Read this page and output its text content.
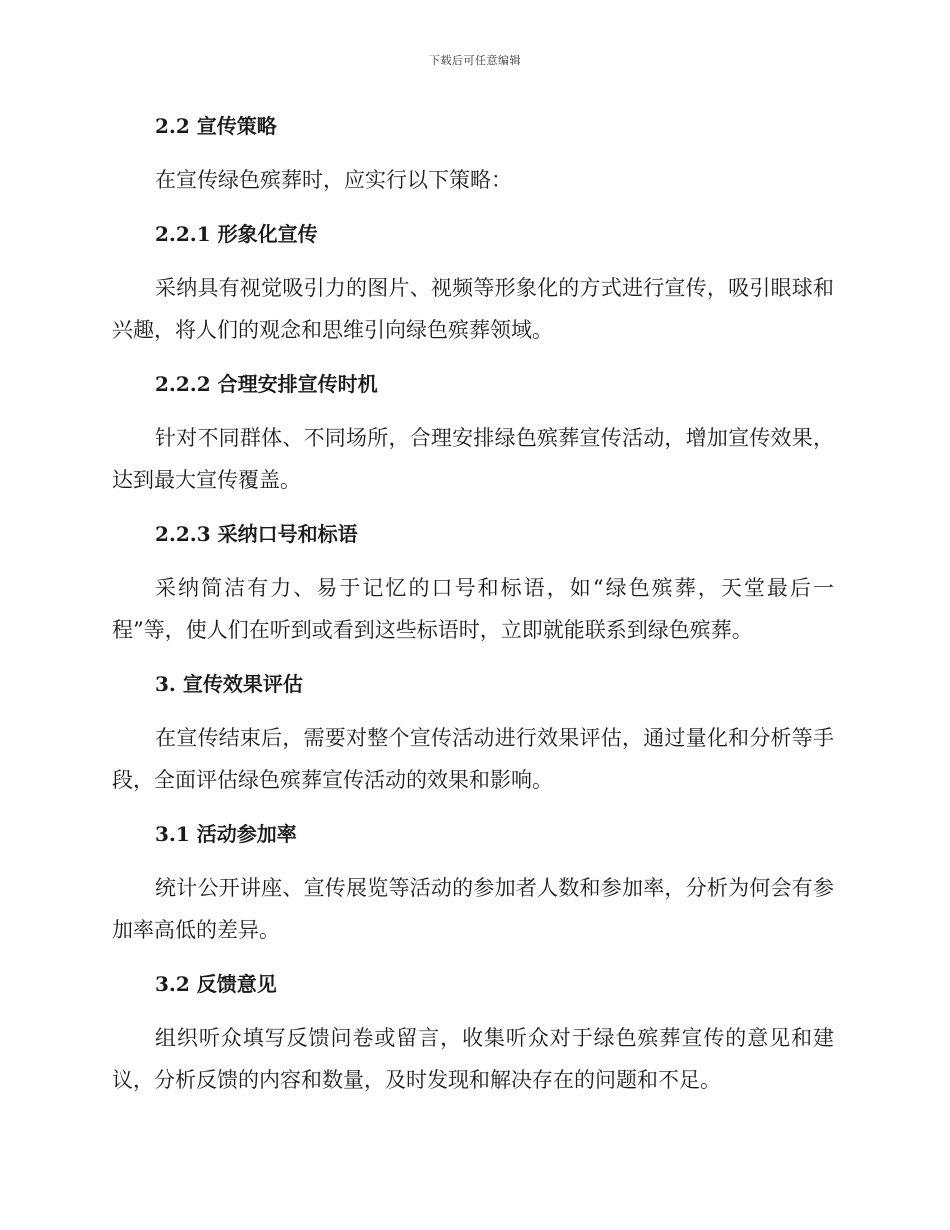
下载后可任意编辑
2.2 宣传策略

在宣传绿色殡葬时，应实行以下策略：

2.2.1 形象化宣传

采纳具有视觉吸引力的图片、视频等形象化的方式进行宣传，吸引眼球和兴趣，将人们的观念和思维引向绿色殡葬领域。

2.2.2 合理安排宣传时机

针对不同群体、不同场所，合理安排绿色殡葬宣传活动，增加宣传效果，达到最大宣传覆盖。

2.2.3 采纳口号和标语

采纳简洁有力、易于记忆的口号和标语，如“绿色殡葬，天堂最后一程”等，使人们在听到或看到这些标语时，立即就能联系到绿色殡葬。

3. 宣传效果评估

在宣传结束后，需要对整个宣传活动进行效果评估，通过量化和分析等手段，全面评估绿色殡葬宣传活动的效果和影响。

3.1 活动参加率

统计公开讲座、宣传展览等活动的参加者人数和参加率，分析为何会有参加率高低的差异。

3.2 反馈意见

组织听众填写反馈问卷或留言，收集听众对于绿色殡葬宣传的意见和建议，分析反馈的内容和数量，及时发现和解决存在的问题和不足。
